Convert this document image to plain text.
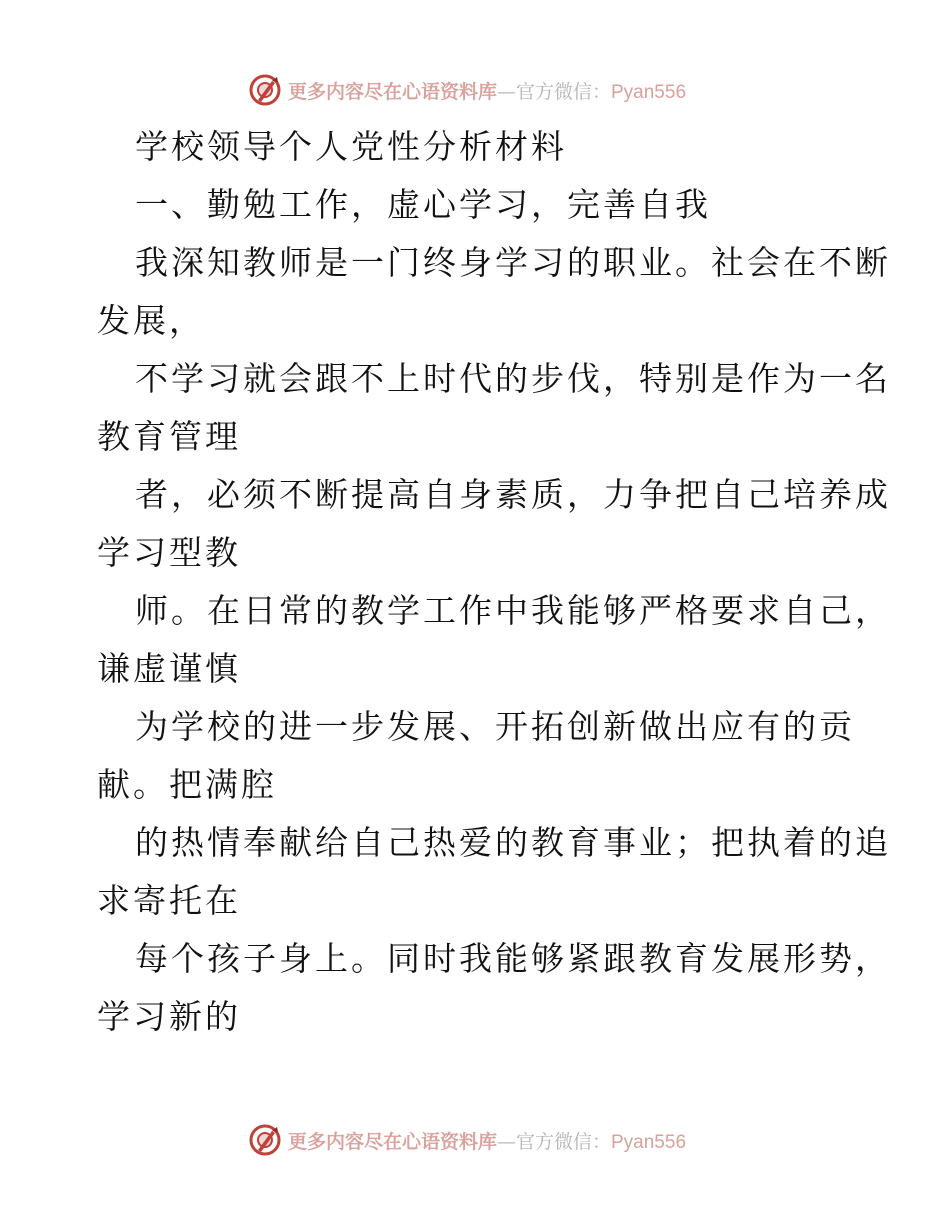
更多内容尽在心语资料库—官方微信：Pyan556
学校领导个人党性分析材料
一、勤勉工作，虚心学习，完善自我
我深知教师是一门终身学习的职业。社会在不断
发展，
不学习就会跟不上时代的步伐，特别是作为一名
教育管理
者，必须不断提高自身素质，力争把自己培养成
学习型教
师。在日常的教学工作中我能够严格要求自己，
谦虚谨慎
为学校的进一步发展、开拓创新做出应有的贡
献。把满腔
的热情奉献给自己热爱的教育事业；把执着的追
求寄托在
每个孩子身上。同时我能够紧跟教育发展形势，
学习新的
更多内容尽在心语资料库—官方微信：Pyan556
